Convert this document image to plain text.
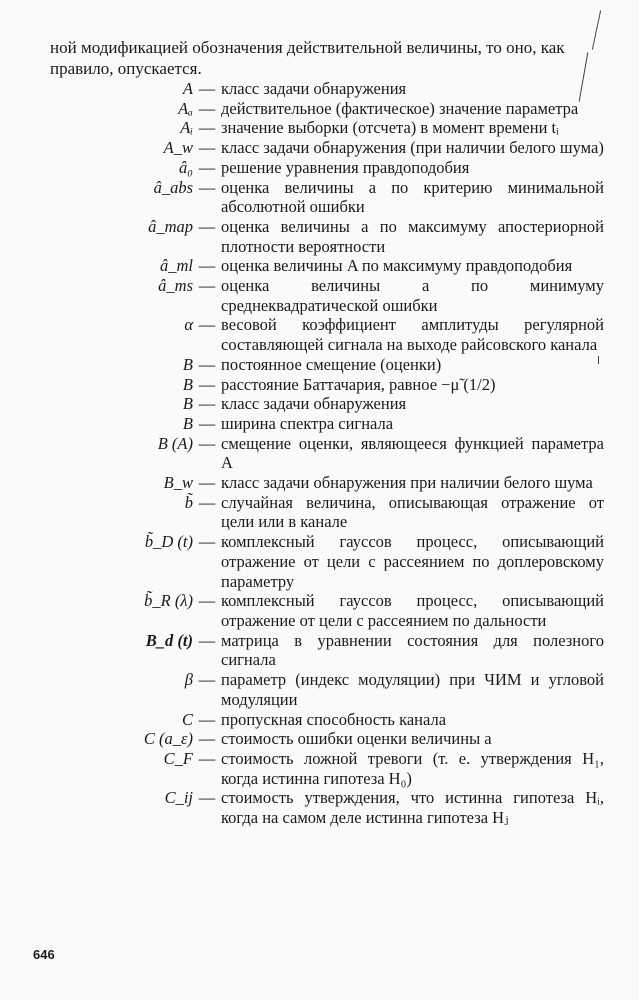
ной модификацией обозначения действительной величины, то оно, как правило, опускается.
A — класс задачи обнаружения
Aₐ — действительное (фактическое) значение параметра
Aᵢ — значение выборки (отсчета) в момент времени tᵢ
A_w — класс задачи обнаружения (при наличии белого шума)
â₀ — решение уравнения правдоподобия
â_abs — оценка величины a по критерию минимальной абсолютной ошибки
â_map — оценка величины a по максимуму апостериорной плотности вероятности
â_ml — оценка величины A по максимуму правдоподобия
â_ms — оценка величины a по минимуму среднеквадратической ошибки
α — весовой коэффициент амплитуды регулярной составляющей сигнала на выходе райсовского канала
B — постоянное смещение (оценки)
B — расстояние Баттачария, равное −μ̃ (1/2)
B — класс задачи обнаружения
B — ширина спектра сигнала
B (A) — смещение оценки, являющееся функцией параметра A
B_w — класс задачи обнаружения при наличии белого шума
b̃ — случайная величина, описывающая отражение от цели или в канале
b̃_D (t) — комплексный гауссов процесс, описывающий отражение от цели с рассеянием по доплеровскому параметру
b̃_R (λ) — комплексный гауссов процесс, описывающий отражение от цели с рассеянием по дальности
B_d (t) — матрица в уравнении состояния для полезного сигнала
β — параметр (индекс модуляции) при ЧИМ и угловой модуляции
C — пропускная способность канала
C (a_ε) — стоимость ошибки оценки величины a
C_F — стоимость ложной тревоги (т. е. утверждения H₁, когда истинна гипотеза H₀)
C_ij — стоимость утверждения, что истинна гипотеза Hᵢ, когда на самом деле истинна гипотеза Hⱼ
646
